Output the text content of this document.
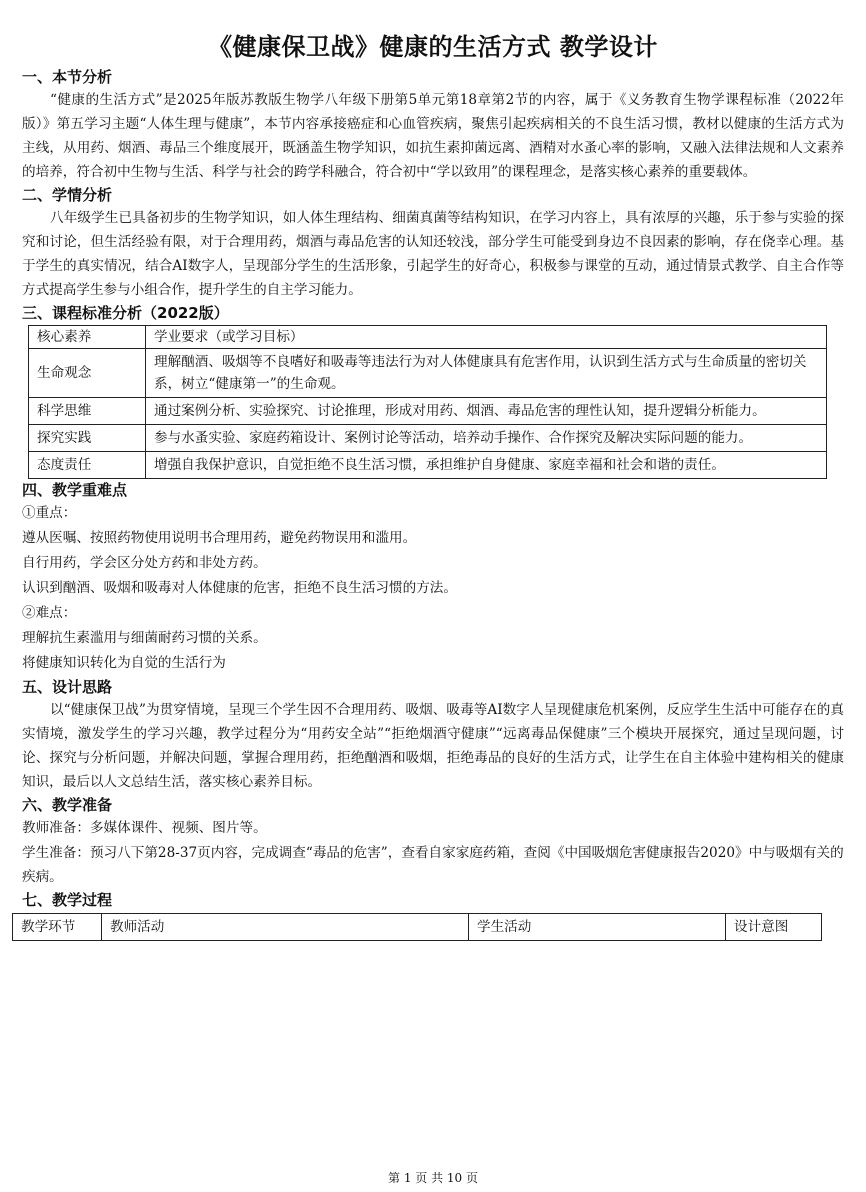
《健康保卫战》健康的生活方式 教学设计
一、本节分析
“健康的生活方式”是2025年版苏教版生物学八年级下册第5单元第18章第2节的内容，属于《义务教育生物学课程标准（2022年版）》第五学习主题“人体生理与健康”，本节内容承接癌症和心血管疾病，聚焦引起疾病相关的不良生活习惯，教材以健康的生活方式为主线，从用药、烟酒、毒品三个维度展开，既涵盖生物学知识，如抗生素抑菌远离、酒精对水蚤心率的影响，又融入法律法规和人文素养的培养，符合初中生物与生活、科学与社会的跨学科融合，符合初中“学以致用”的课程理念，是落实核心素养的重要载体。
二、学情分析
八年级学生已具备初步的生物学知识，如人体生理结构、细菌真菌等结构知识，在学习内容上，具有浓厚的兴趣，乐于参与实验的探究和讨论，但生活经验有限，对于合理用药，烟酒与毒品危害的认知还较浅，部分学生可能受到身边不良因素的影响，存在侥幸心理。基于学生的真实情况，结合AI数字人，呈现部分学生的生活形象，引起学生的好奇心，积极参与课堂的互动，通过情景式教学、自主合作等方式提高学生参与小组合作，提升学生的自主学习能力。
三、课程标准分析（2022版）
核心素养	学业要求（或学习目标）
生命观念	理解酗酒、吸烟等不良嗜好和吸毒等违法行为对人体健康具有危害作用，认识到生活方式与生命质量的密切关系，树立“健康第一”的生命观。
科学思维	通过案例分析、实验探究、讨论推理，形成对用药、烟酒、毒品危害的理性认知，提升逻辑分析能力。
探究实践	参与水蚤实验、家庭药箱设计、案例讨论等活动，培养动手操作、合作探究及解决实际问题的能力。
态度责任	增强自我保护意识，自觉拒绝不良生活习惯，承担维护自身健康、家庭幸福和社会和谐的责任。
四、教学重难点
①重点：
遵从医嘱、按照药物使用说明书合理用药，避免药物误用和滥用。
自行用药，学会区分处方药和非处方药。
认识到酗酒、吸烟和吸毒对人体健康的危害，拒绝不良生活习惯的方法。
②难点：
理解抗生素滥用与细菌耐药习惯的关系。
将健康知识转化为自觉的生活行为
五、设计思路
以“健康保卫战”为贯穿情境，呈现三个学生因不合理用药、吸烟、吸毒等AI数字人呈现健康危机案例，反应学生生活中可能存在的真实情境，激发学生的学习兴趣，教学过程分为“用药安全站”“拒绝烟酒守健康”“远离毒品保健康”三个模块开展探究，通过呈现问题，讨论、探究与分析问题，并解决问题，掌握合理用药，拒绝酗酒和吸烟，拒绝毒品的良好的生活方式，让学生在自主体验中建构相关的健康知识，最后以人文总结生活，落实核心素养目标。
六、教学准备
教师准备：多媒体课件、视频、图片等。
学生准备：预习八下第28-37页内容，完成调查“毒品的危害”，查看自家家庭药箱，查阅《中国吸烟危害健康报告2020》中与吸烟有关的疾病。
七、教学过程
教学环节	教师活动	学生活动	设计意图
第 1 页 共 10 页
